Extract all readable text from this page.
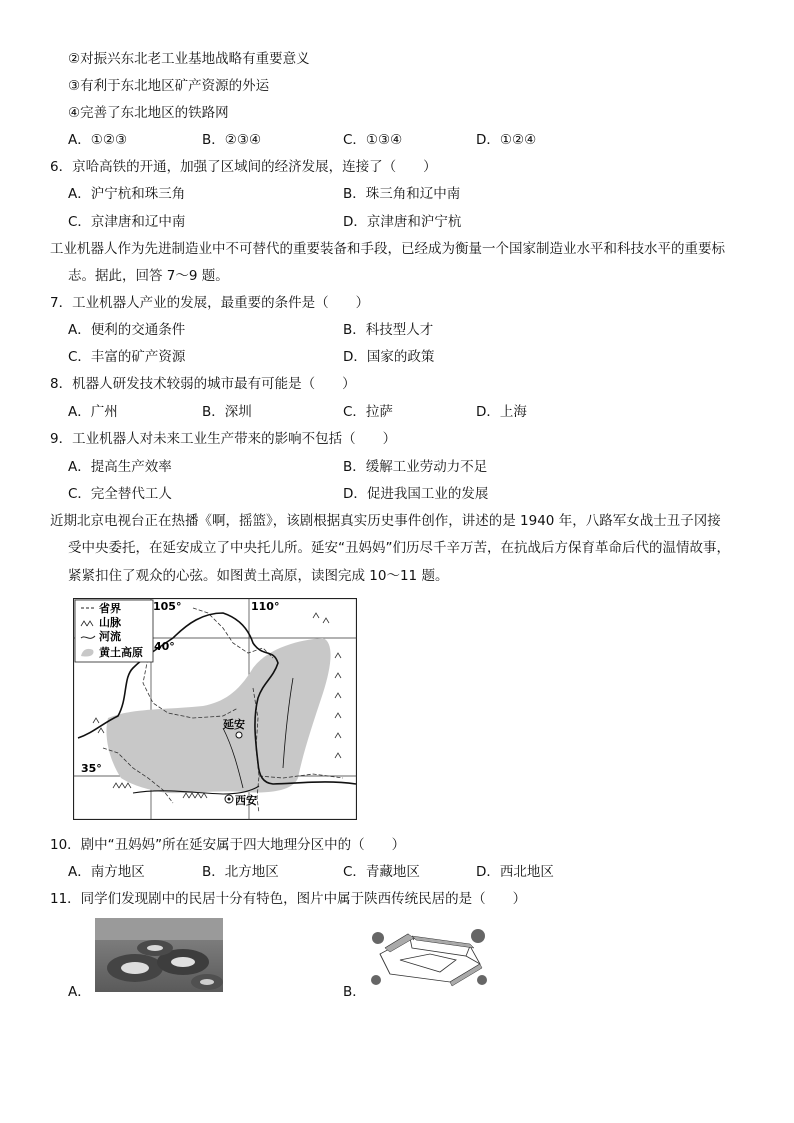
②对振兴东北老工业基地战略有重要意义
③有利于东北地区矿产资源的外运
④完善了东北地区的铁路网
A．①②③	B．②③④	C．①③④	D．①②④
6．京哈高铁的开通，加强了区域间的经济发展，连接了（　　）
A．沪宁杭和珠三角	B．珠三角和辽中南
C．京津唐和辽中南	D．京津唐和沪宁杭
工业机器人作为先进制造业中不可替代的重要装备和手段，已经成为衡量一个国家制造业水平和科技水平的重要标
志。据此，回答 7～9 题。
7．工业机器人产业的发展，最重要的条件是（　　）
A．便利的交通条件	B．科技型人才
C．丰富的矿产资源	D．国家的政策
8．机器人研发技术较弱的城市最有可能是（　　）
A．广州	B．深圳	C．拉萨	D．上海
9．工业机器人对未来工业生产带来的影响不包括（　　）
A．提高生产效率	B．缓解工业劳动力不足
C．完全替代工人	D．促进我国工业的发展
近期北京电视台正在热播《啊，摇篮》，该剧根据真实历史事件创作，讲述的是 1940 年，八路军女战士丑子冈接
受中央委托，在延安成立了中央托儿所。延安“丑妈妈”们历尽千辛万苦，在抗战后方保育革命后代的温情故事，
紧紧扣住了观众的心弦。如图黄土高原，读图完成 10～11 题。
省界
山脉
河流
黄土高原
105°	110°
40°
35°
延安
西安
10．剧中“丑妈妈”所在延安属于四大地理分区中的（　　）
A．南方地区	B．北方地区	C．青藏地区	D．西北地区
11．同学们发现剧中的民居十分有特色，图片中属于陕西传统民居的是（　　）
A．	B．
